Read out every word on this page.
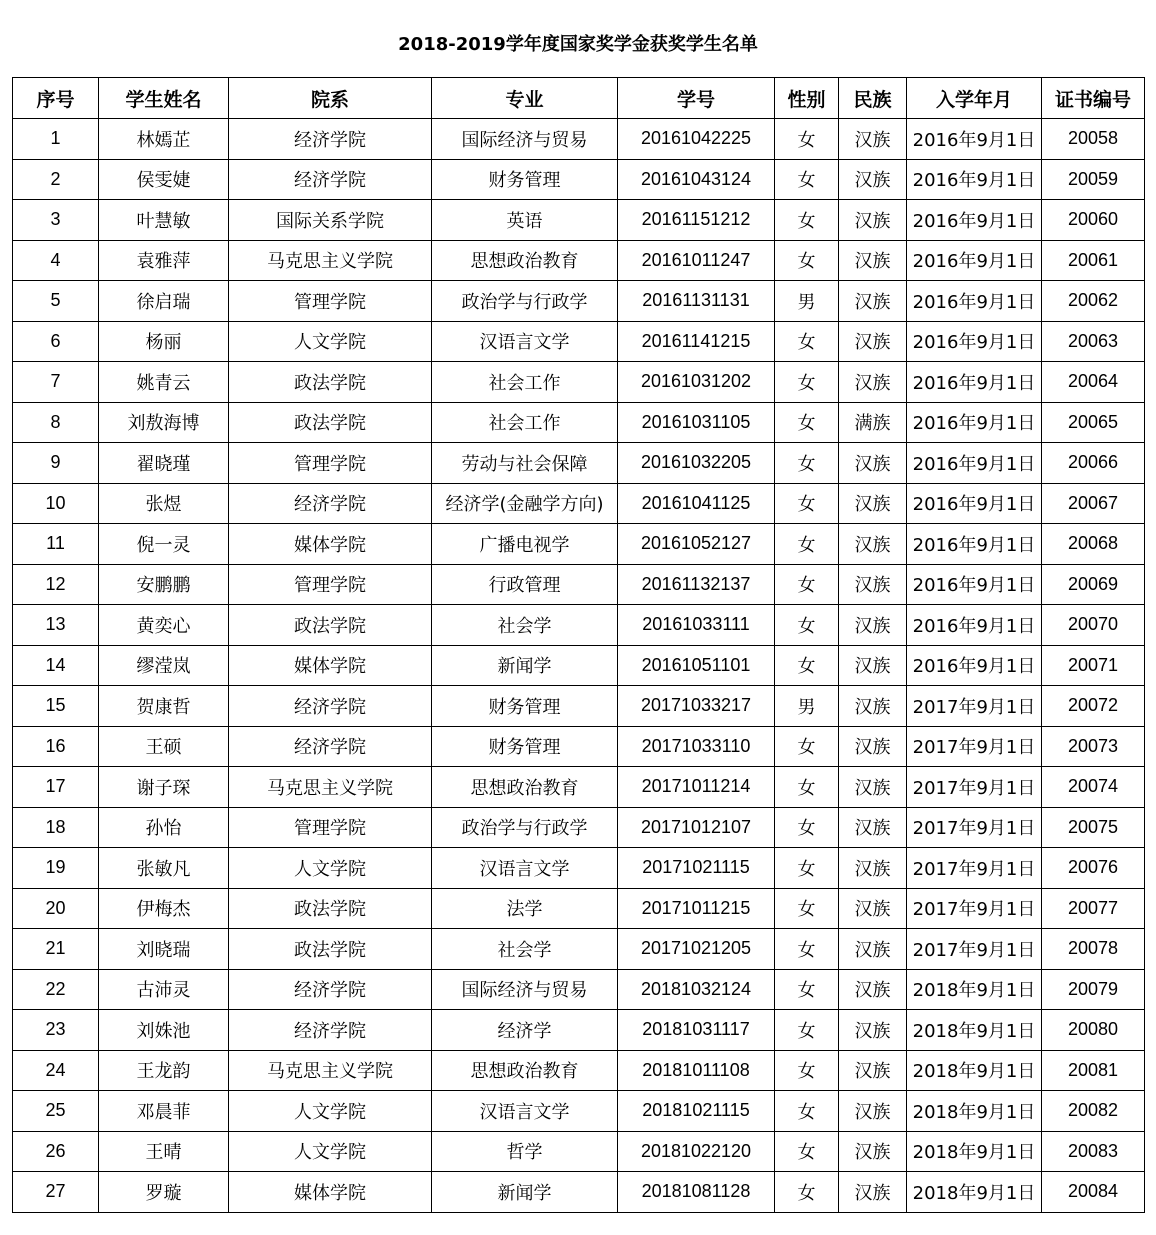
2018-2019学年度国家奖学金获奖学生名单
序号	学生姓名	院系	专业	学号	性别	民族	入学年月	证书编号
1	林嫣芷	经济学院	国际经济与贸易	20161042225	女	汉族	2016年9月1日	20058
2	侯雯婕	经济学院	财务管理	20161043124	女	汉族	2016年9月1日	20059
3	叶慧敏	国际关系学院	英语	20161151212	女	汉族	2016年9月1日	20060
4	袁雅萍	马克思主义学院	思想政治教育	20161011247	女	汉族	2016年9月1日	20061
5	徐启瑞	管理学院	政治学与行政学	20161131131	男	汉族	2016年9月1日	20062
6	杨丽	人文学院	汉语言文学	20161141215	女	汉族	2016年9月1日	20063
7	姚青云	政法学院	社会工作	20161031202	女	汉族	2016年9月1日	20064
8	刘敖海博	政法学院	社会工作	20161031105	女	满族	2016年9月1日	20065
9	翟晓瑾	管理学院	劳动与社会保障	20161032205	女	汉族	2016年9月1日	20066
10	张煜	经济学院	经济学(金融学方向)	20161041125	女	汉族	2016年9月1日	20067
11	倪一灵	媒体学院	广播电视学	20161052127	女	汉族	2016年9月1日	20068
12	安鹏鹏	管理学院	行政管理	20161132137	女	汉族	2016年9月1日	20069
13	黄奕心	政法学院	社会学	20161033111	女	汉族	2016年9月1日	20070
14	缪滢岚	媒体学院	新闻学	20161051101	女	汉族	2016年9月1日	20071
15	贺康哲	经济学院	财务管理	20171033217	男	汉族	2017年9月1日	20072
16	王硕	经济学院	财务管理	20171033110	女	汉族	2017年9月1日	20073
17	谢子琛	马克思主义学院	思想政治教育	20171011214	女	汉族	2017年9月1日	20074
18	孙怡	管理学院	政治学与行政学	20171012107	女	汉族	2017年9月1日	20075
19	张敏凡	人文学院	汉语言文学	20171021115	女	汉族	2017年9月1日	20076
20	伊梅杰	政法学院	法学	20171011215	女	汉族	2017年9月1日	20077
21	刘晓瑞	政法学院	社会学	20171021205	女	汉族	2017年9月1日	20078
22	古沛灵	经济学院	国际经济与贸易	20181032124	女	汉族	2018年9月1日	20079
23	刘姝池	经济学院	经济学	20181031117	女	汉族	2018年9月1日	20080
24	王龙韵	马克思主义学院	思想政治教育	20181011108	女	汉族	2018年9月1日	20081
25	邓晨菲	人文学院	汉语言文学	20181021115	女	汉族	2018年9月1日	20082
26	王晴	人文学院	哲学	20181022120	女	汉族	2018年9月1日	20083
27	罗璇	媒体学院	新闻学	20181081128	女	汉族	2018年9月1日	20084
